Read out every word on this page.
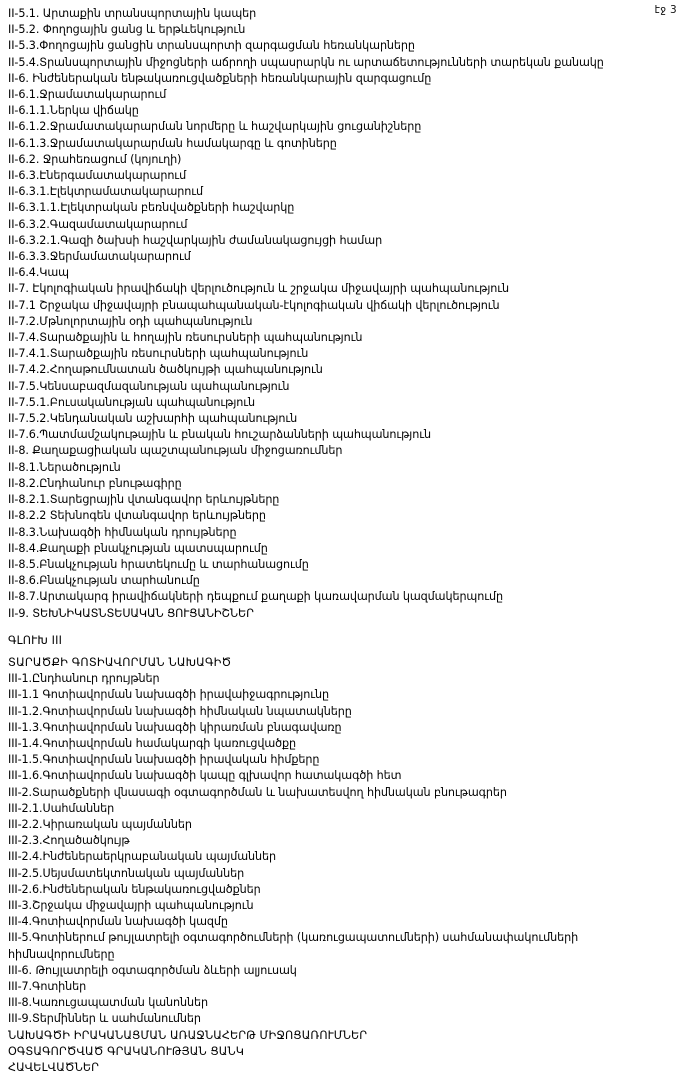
էջ 3
II-5.1. Արտաքին տրանսպորտային կապեր
II-5.2. Փողոցային ցանց և երթևեկություն
II-5.3.Փողոցային ցանցին տրանսպորտի զարգացման հեռանկարները
II-5.4.Տրանսպորտային միջոցների աճրողի սպասրարկն ու արտաճետությունների տարեկան քանակը
II-6. Ինժեներական ենթակառուցվածքների հեռանկարային զարգացումը
II-6.1.Ջրամատակարարում
II-6.1.1.Ներկա վիճակը
II-6.1.2.Ջրամատակարարման նորմերը և հաշվարկային ցուցանիշները
II-6.1.3.Ջրամատակարարման համակարգը և գոտիները
II-6.2. Ջրահեռացում (կոյուղի)
II-6.3.Էներգամատակարարում
II-6.3.1.Էլեկտրամատակարարում
II-6.3.1.1.Էլեկտրական բեռնվածքների հաշվարկը
II-6.3.2.Գազամատակարարում
II-6.3.2.1.Գազի ծախսի հաշվարկային ժամանակացույցի համար
II-6.3.3.Ջերմամատակարարում
II-6.4.Կապ
II-7. Էկոլոգիական իրավիճակի վերլուծություն և շրջակա միջավայրի պահպանություն
II-7.1 Շրջակա միջավայրի բնապահպանական-էկոլոգիական վիճակի վերլուծություն
II-7.2.Մթնոլորտային օդի պահպանություն
II-7.4.Տարածքային և հողային ռեսուրսների պահպանություն
II-7.4.1.Տարածքային ռեսուրսների պահպանություն
II-7.4.2.Հողաթումնատան ծածկույթի պահպանություն
II-7.5.Կենսաբազմազանության պահպանություն
II-7.5.1.Բուսականության պահպանություն
II-7.5.2.Կենդանական աշխարհի պահպանություն
II-7.6.Պատմամշակութային և բնական հուշարձանների պահպանություն
II-8. Քաղաքացիական պաշտպանության միջոցառումներ
II-8.1.Ներածություն
II-8.2.Ընդհանուր բնութագիրը
II-8.2.1.Տարեցրային վտանգավոր երևույթները
II-8.2.2 Տեխնոգեն վտանգավոր երևույթները
II-8.3.Նախագծի հիմնական դրույթները
II-8.4.Քաղաքի բնակչության պատսպարումը
II-8.5.Բնակչության հրատեկումը և տարհանացումը
II-8.6.Բնակչության տարհանումը
II-8.7.Արտակարգ իրավիճակների դեպքում քաղաքի կառավարման կազմակերպումը
II-9. ՏԵԽՆԻԿԱՏՆՏԵՍԱԿԱՆ ՑՈՒՑԱՆԻՇՆԵՐ
ԳԼՈՒԽ III
ՏԱՐԱԾՔԻ ԳՈՏԻԱՎՈՐՄԱՆ ՆԱԽԱԳԻԾ
III-1.Ընդհանուր դրույթներ
III-1.1 Գոտիավորման նախագծի իրավաիջագրությունը
III-1.2.Գոտիավորման նախագծի հիմնական նպատակները
III-1.3.Գոտիավորման նախագծի կիրառման բնագավառը
III-1.4.Գոտիավորման համակարգի կառուցվածքը
III-1.5.Գոտիավորման նախագծի իրավական հիմքերը
III-1.6.Գոտիավորման նախագծի կապը գլխավոր հատակագծի հետ
III-2.Տարածքների վնասագի օգտագործման և նախատեսվող հիմնական բնութագրեր
III-2.1.Սահմաններ
III-2.2.Կիրառական պայմաններ
III-2.3.Հողածածկույթ
III-2.4.Ինժեներաերկրաբանական պայմաններ
III-2.5.Սեյսմատեկտոնական պայմաններ
III-2.6.Ինժեներական ենթակառուցվածքներ
III-3.Շրջակա միջավայրի պահպանություն
III-4.Գոտիավորման նախագծի կազմը
III-5.Գոտիներում թույլատրելի օգտագործումների (կառուցապատումների) սահմանափակումների հիմնավորումները
III-6. Թույլատրելի օգտագործման ձևերի ալյուսակ
III-7.Գոտիներ
III-8.Կառուցապատման կանոններ
III-9.Տերմիններ և սահմանումներ
ՆԱԽԱԳԾԻ ԻՐԱԿԱՆԱՑՄԱՆ ԱՌԱՋՆԱՀԵՐԹ ՄԻՋՈՑԱՌՈՒՄՆԵՐ
ՕԳՏԱԳՈՐԾՎԱԾ ԳՐԱԿԱՆՈՒԹՅԱՆ ՑԱՆԿ
ՀԱՎԵԼՎԱԾՆԵՐ
